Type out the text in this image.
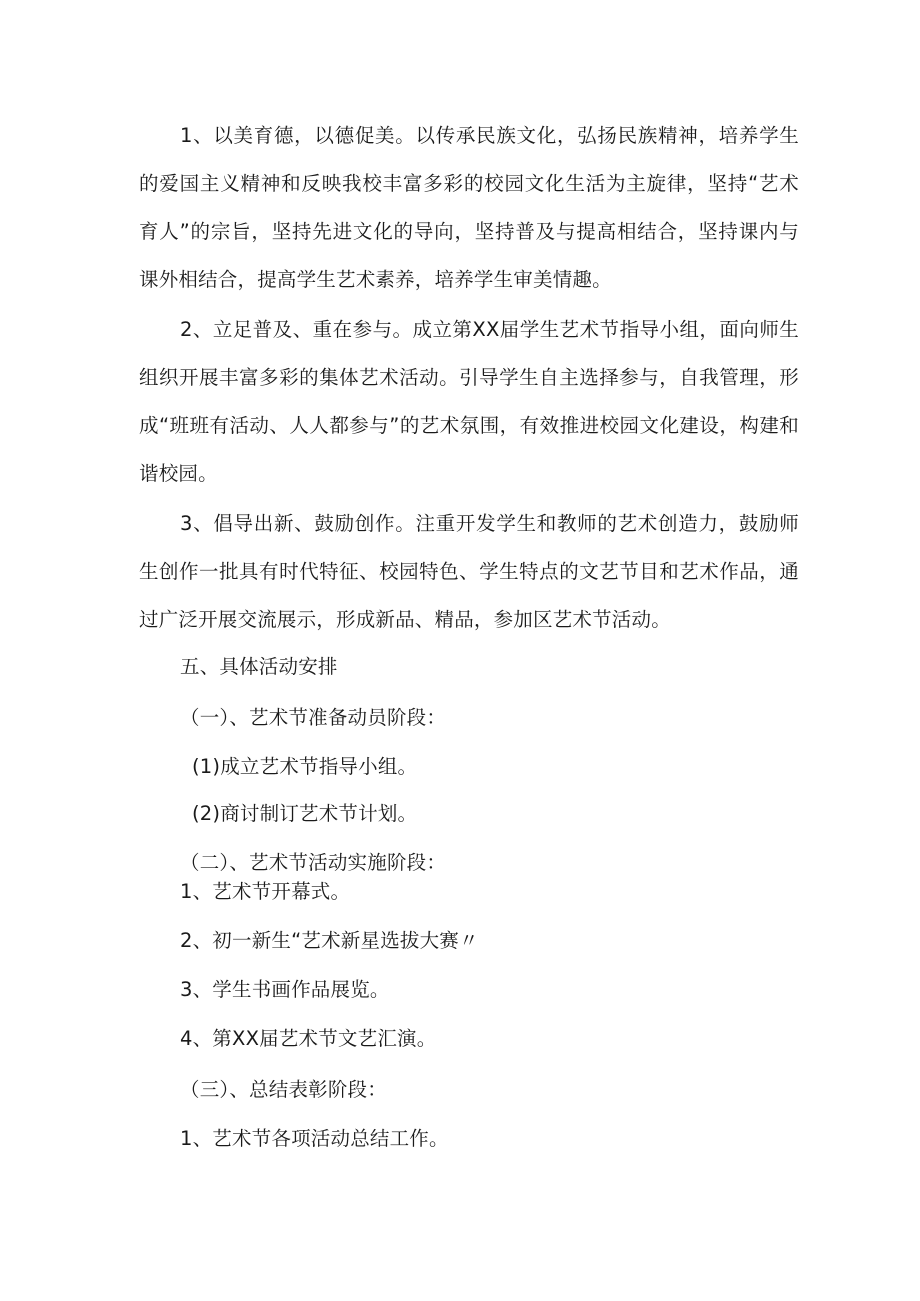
1、以美育德，以德促美。以传承民族文化，弘扬民族精神，培养学生的爱国主义精神和反映我校丰富多彩的校园文化生活为主旋律，坚持“艺术育人”的宗旨，坚持先进文化的导向，坚持普及与提高相结合，坚持课内与课外相结合，提高学生艺术素养，培养学生审美情趣。

2、立足普及、重在参与。成立第XX届学生艺术节指导小组，面向师生组织开展丰富多彩的集体艺术活动。引导学生自主选择参与，自我管理，形成“班班有活动、人人都参与”的艺术氛围，有效推进校园文化建设，构建和谐校园。

3、倡导出新、鼓励创作。注重开发学生和教师的艺术创造力，鼓励师生创作一批具有时代特征、校园特色、学生特点的文艺节目和艺术作品，通过广泛开展交流展示，形成新品、精品，参加区艺术节活动。

五、具体活动安排

（一）、艺术节准备动员阶段：

(1)成立艺术节指导小组。

(2)商讨制订艺术节计划。

（二）、艺术节活动实施阶段：

1、艺术节开幕式。

2、初一新生“艺术新星选拔大赛〃

3、学生书画作品展览。

4、第XX届艺术节文艺汇演。

（三）、总结表彰阶段：

1、艺术节各项活动总结工作。
